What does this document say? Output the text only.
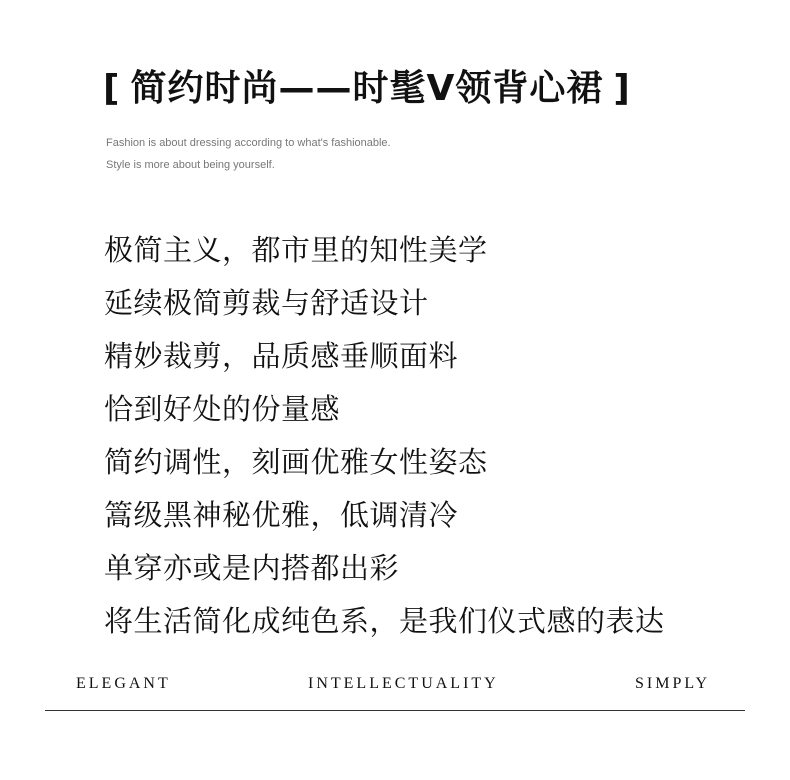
[ 简约时尚——时髦V领背心裙 ]
Fashion is about dressing according to what's fashionable.
Style is more about being yourself.
极简主义，都市里的知性美学
延续极简剪裁与舒适设计
精妙裁剪，品质感垂顺面料
恰到好处的份量感
简约调性，刻画优雅女性姿态
篙级黑神秘优雅，低调清冷
单穿亦或是内搭都出彩
将生活简化成纯色系，是我们仪式感的表达
ELEGANT	INTELLECTUALITY	SIMPLY
